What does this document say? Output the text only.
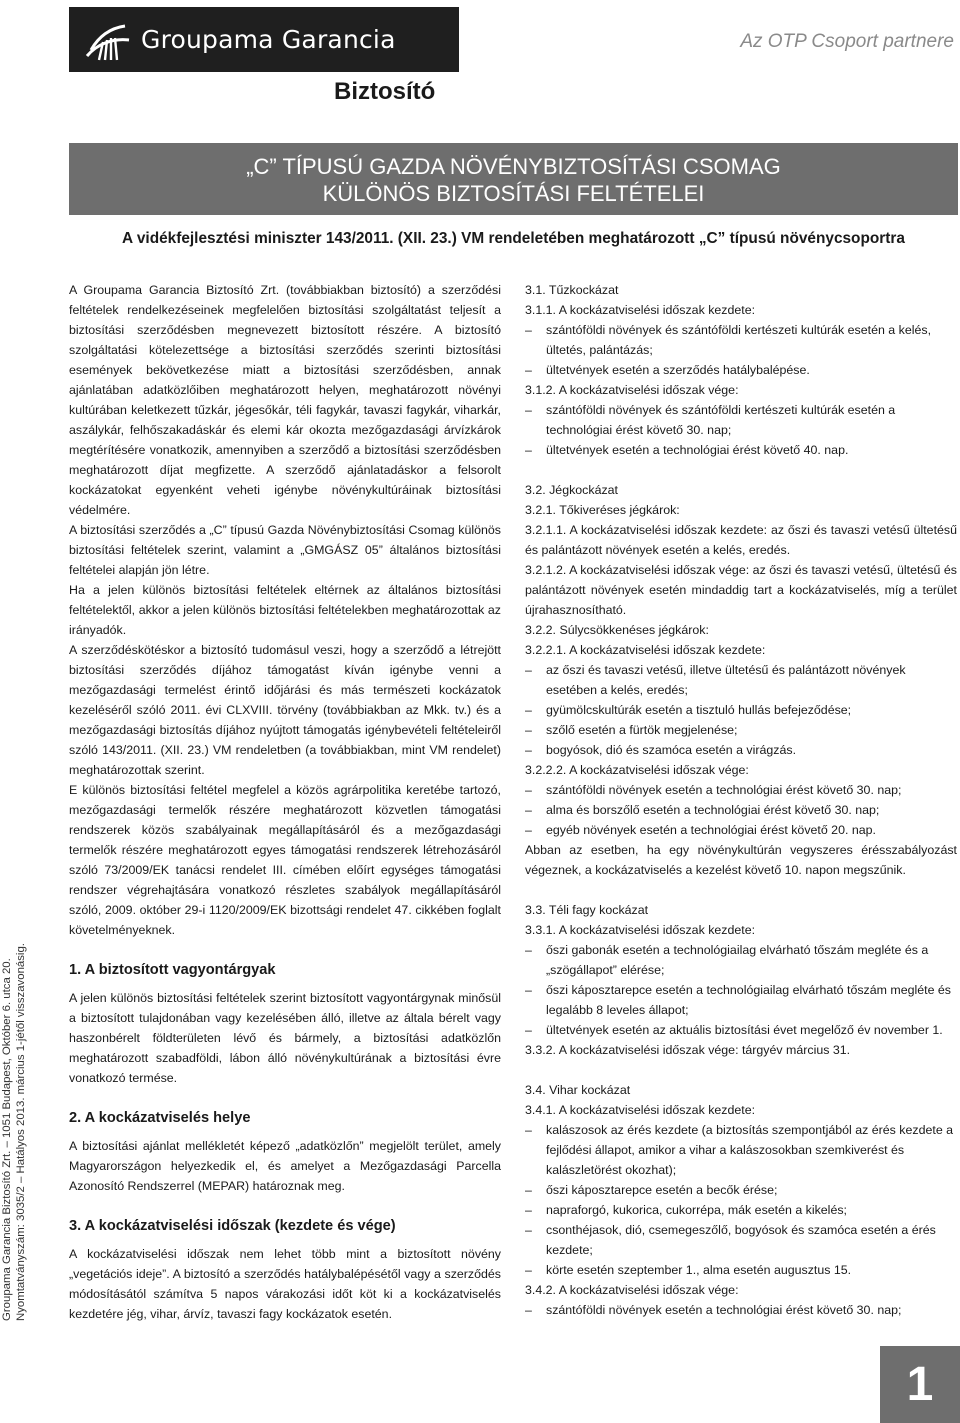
Groupama Garancia	Az OTP Csoport partnere
Biztosító
„C” TÍPUSÚ GAZDA NÖVÉNYBIZTOSÍTÁSI CSOMAG
KÜLÖNÖS BIZTOSÍTÁSI FELTÉTELEI
A vidékfejlesztési miniszter 143/2011. (XII. 23.) VM rendeletében meghatározott „C” típusú növénycsoportra
Groupama Garancia Biztosító Zrt. – 1051 Budapest, Október 6. utca 20. Nyomtatványszám: 3035/2 – Hatályos 2013. március 1-jétől visszavonásig.

A Groupama Garancia Biztosító Zrt. (továbbiakban biztosító) a szerződési feltételek rendelkezéseinek megfelelően biztosítási szolgáltatást teljesít a biztosítási szerződésben megnevezett biztosított részére. A biztosító szolgáltatási kötelezettsége a biztosítási szerződés szerinti biztosítási események bekövetkezése miatt a biztosítási szerződésben, annak ajánlatában adatközlőiben meghatározott helyen, meghatározott növényi kultúrában keletkezett tűzkár, jégesőkár, téli fagykár, tavaszi fagykár, viharkár, aszálykár, felhőszakadáskár és elemi kár okozta mezőgazdasági árvízkárok megtérítésére vonatkozik, amennyiben a szerződő a biztosítási szerződésben meghatározott díjat megfizette. A szerződő ajánlatadáskor a felsorolt kockázatokat egyenként veheti igénybe növénykultúráinak biztosítási védelmére.

A biztosítási szerződés a „C” típusú Gazda Növénybiztosítási Csomag különös biztosítási feltételek szerint, valamint a „GMGÁSZ 05” általános biztosítási feltételei alapján jön létre.

Ha a jelen különös biztosítási feltételek eltérnek az általános biztosítási feltételektől, akkor a jelen különös biztosítási feltételekben meghatározottak az irányadók.

A szerződéskötéskor a biztosító tudomásul veszi, hogy a szerződő a létrejött biztosítási szerződés díjához támogatást kíván igénybe venni a mezőgazdasági termelést érintő időjárási és más természeti kockázatok kezeléséről szóló 2011. évi CLXVIII. törvény (továbbiakban az Mkk. tv.) és a mezőgazdasági biztosítás díjához nyújtott támogatás igénybevételi feltételeiről szóló 143/2011. (XII. 23.) VM rendeletben (a továbbiakban, mint VM rendelet) meghatározottak szerint.

E különös biztosítási feltétel megfelel a közös agrárpolitika keretébe tartozó, mezőgazdasági termelők részére meghatározott közvetlen támogatási rendszerek közös szabályainak megállapításáról és a mezőgazdasági termelők részére meghatározott egyes támogatási rendszerek létrehozásáról szóló 73/2009/EK tanácsi rendelet III. címében előírt egységes támogatási rendszer végrehajtására vonatkozó részletes szabályok megállapításáról szóló, 2009. október 29-i 1120/2009/EK bizottsági rendelet 47. cikkében foglalt követelményeknek.

1. A biztosított vagyontárgyak

A jelen különös biztosítási feltételek szerint biztosított vagyontárgynak minősül a biztosított tulajdonában vagy kezelésében álló, illetve az általa bérelt vagy haszonbérelt földterületen lévő és bármely, a biztosítási adatközlőn meghatározott szabadföldi, lábon álló növénykultúrának a biztosítási évre vonatkozó termése.

2. A kockázatviselés helye

A biztosítási ajánlat mellékletét képező „adatközlőn” megjelölt terület, amely Magyarországon helyezkedik el, és amelyet a Mezőgazdasági Parcella Azonosító Rendszerrel (MEPAR) határoznak meg.

3. A kockázatviselési időszak (kezdete és vége)

A kockázatviselési időszak nem lehet több mint a biztosított növény „vegetációs ideje”. A biztosító a szerződés hatálybalépésétől vagy a szerződés módosításától számítva 5 napos várakozási időt köt ki a kockázatviselés kezdetére jég, vihar, árvíz, tavaszi fagy kockázatok esetén.

3.1. Tűzkockázat

3.1.1. A kockázatviselési időszak kezdete:

– szántóföldi növények és szántóföldi kertészeti kultúrák esetén a kelés, ültetés, palántázás;

– ültetvények esetén a szerződés hatálybalépése.

3.1.2. A kockázatviselési időszak vége:

– szántóföldi növények és szántóföldi kertészeti kultúrák esetén a technológiai érést követő 30. nap;

– ültetvények esetén a technológiai érést követő 40. nap.

3.2. Jégkockázat

3.2.1. Tőkiveréses jégkárok:

3.2.1.1. A kockázatviselési időszak kezdete: az őszi és tavaszi vetésű ültetésű és palántázott növények esetén a kelés, eredés.

3.2.1.2. A kockázatviselési időszak vége: az őszi és tavaszi vetésű, ültetésű és palántázott növények esetén mindaddig tart a kockázatviselés, míg a terület újrahasznosítható.

3.2.2. Súlycsökkenéses jégkárok:

3.2.2.1. A kockázatviselési időszak kezdete:

– az őszi és tavaszi vetésű, illetve ültetésű és palántázott növények esetében a kelés, eredés;

– gyümölcskultúrák esetén a tisztuló hullás befejeződése;

– szőlő esetén a fürtök megjelenése;

– bogyósok, dió és szamóca esetén a virágzás.

3.2.2.2. A kockázatviselési időszak vége:

– szántóföldi növények esetén a technológiai érést követő 30. nap;

– alma és borszőlő esetén a technológiai érést követő 30. nap;

– egyéb növények esetén a technológiai érést követő 20. nap.

Abban az esetben, ha egy növénykultúrán vegyszeres érésszabályozást végeznek, a kockázatviselés a kezelést követő 10. napon megszűnik.

3.3. Téli fagy kockázat

3.3.1. A kockázatviselési időszak kezdete:

– őszi gabonák esetén a technológiailag elvárható tőszám megléte és a „szögállapot” elérése;

– őszi káposztarepce esetén a technológiailag elvárható tőszám megléte és legalább 8 leveles állapot;

– ültetvények esetén az aktuális biztosítási évet megelőző év november 1.

3.3.2. A kockázatviselési időszak vége: tárgyév március 31.

3.4. Vihar kockázat

3.4.1. A kockázatviselési időszak kezdete:

– kalászosok az érés kezdete (a biztosítás szempontjából az érés kezdete a fejlődési állapot, amikor a vihar a kalászosokban szemkiverést és kalászletörést okozhat);

– őszi káposztarepce esetén a becők érése;

– napraforgó, kukorica, cukorrépa, mák esetén a kikelés;

– csonthéjasok, dió, csemegeszőlő, bogyósok és szamóca esetén a érés kezdete;

– körte esetén szeptember 1., alma esetén augusztus 15.

3.4.2. A kockázatviselési időszak vége:

– szántóföldi növények esetén a technológiai érést követő 30. nap;

1
